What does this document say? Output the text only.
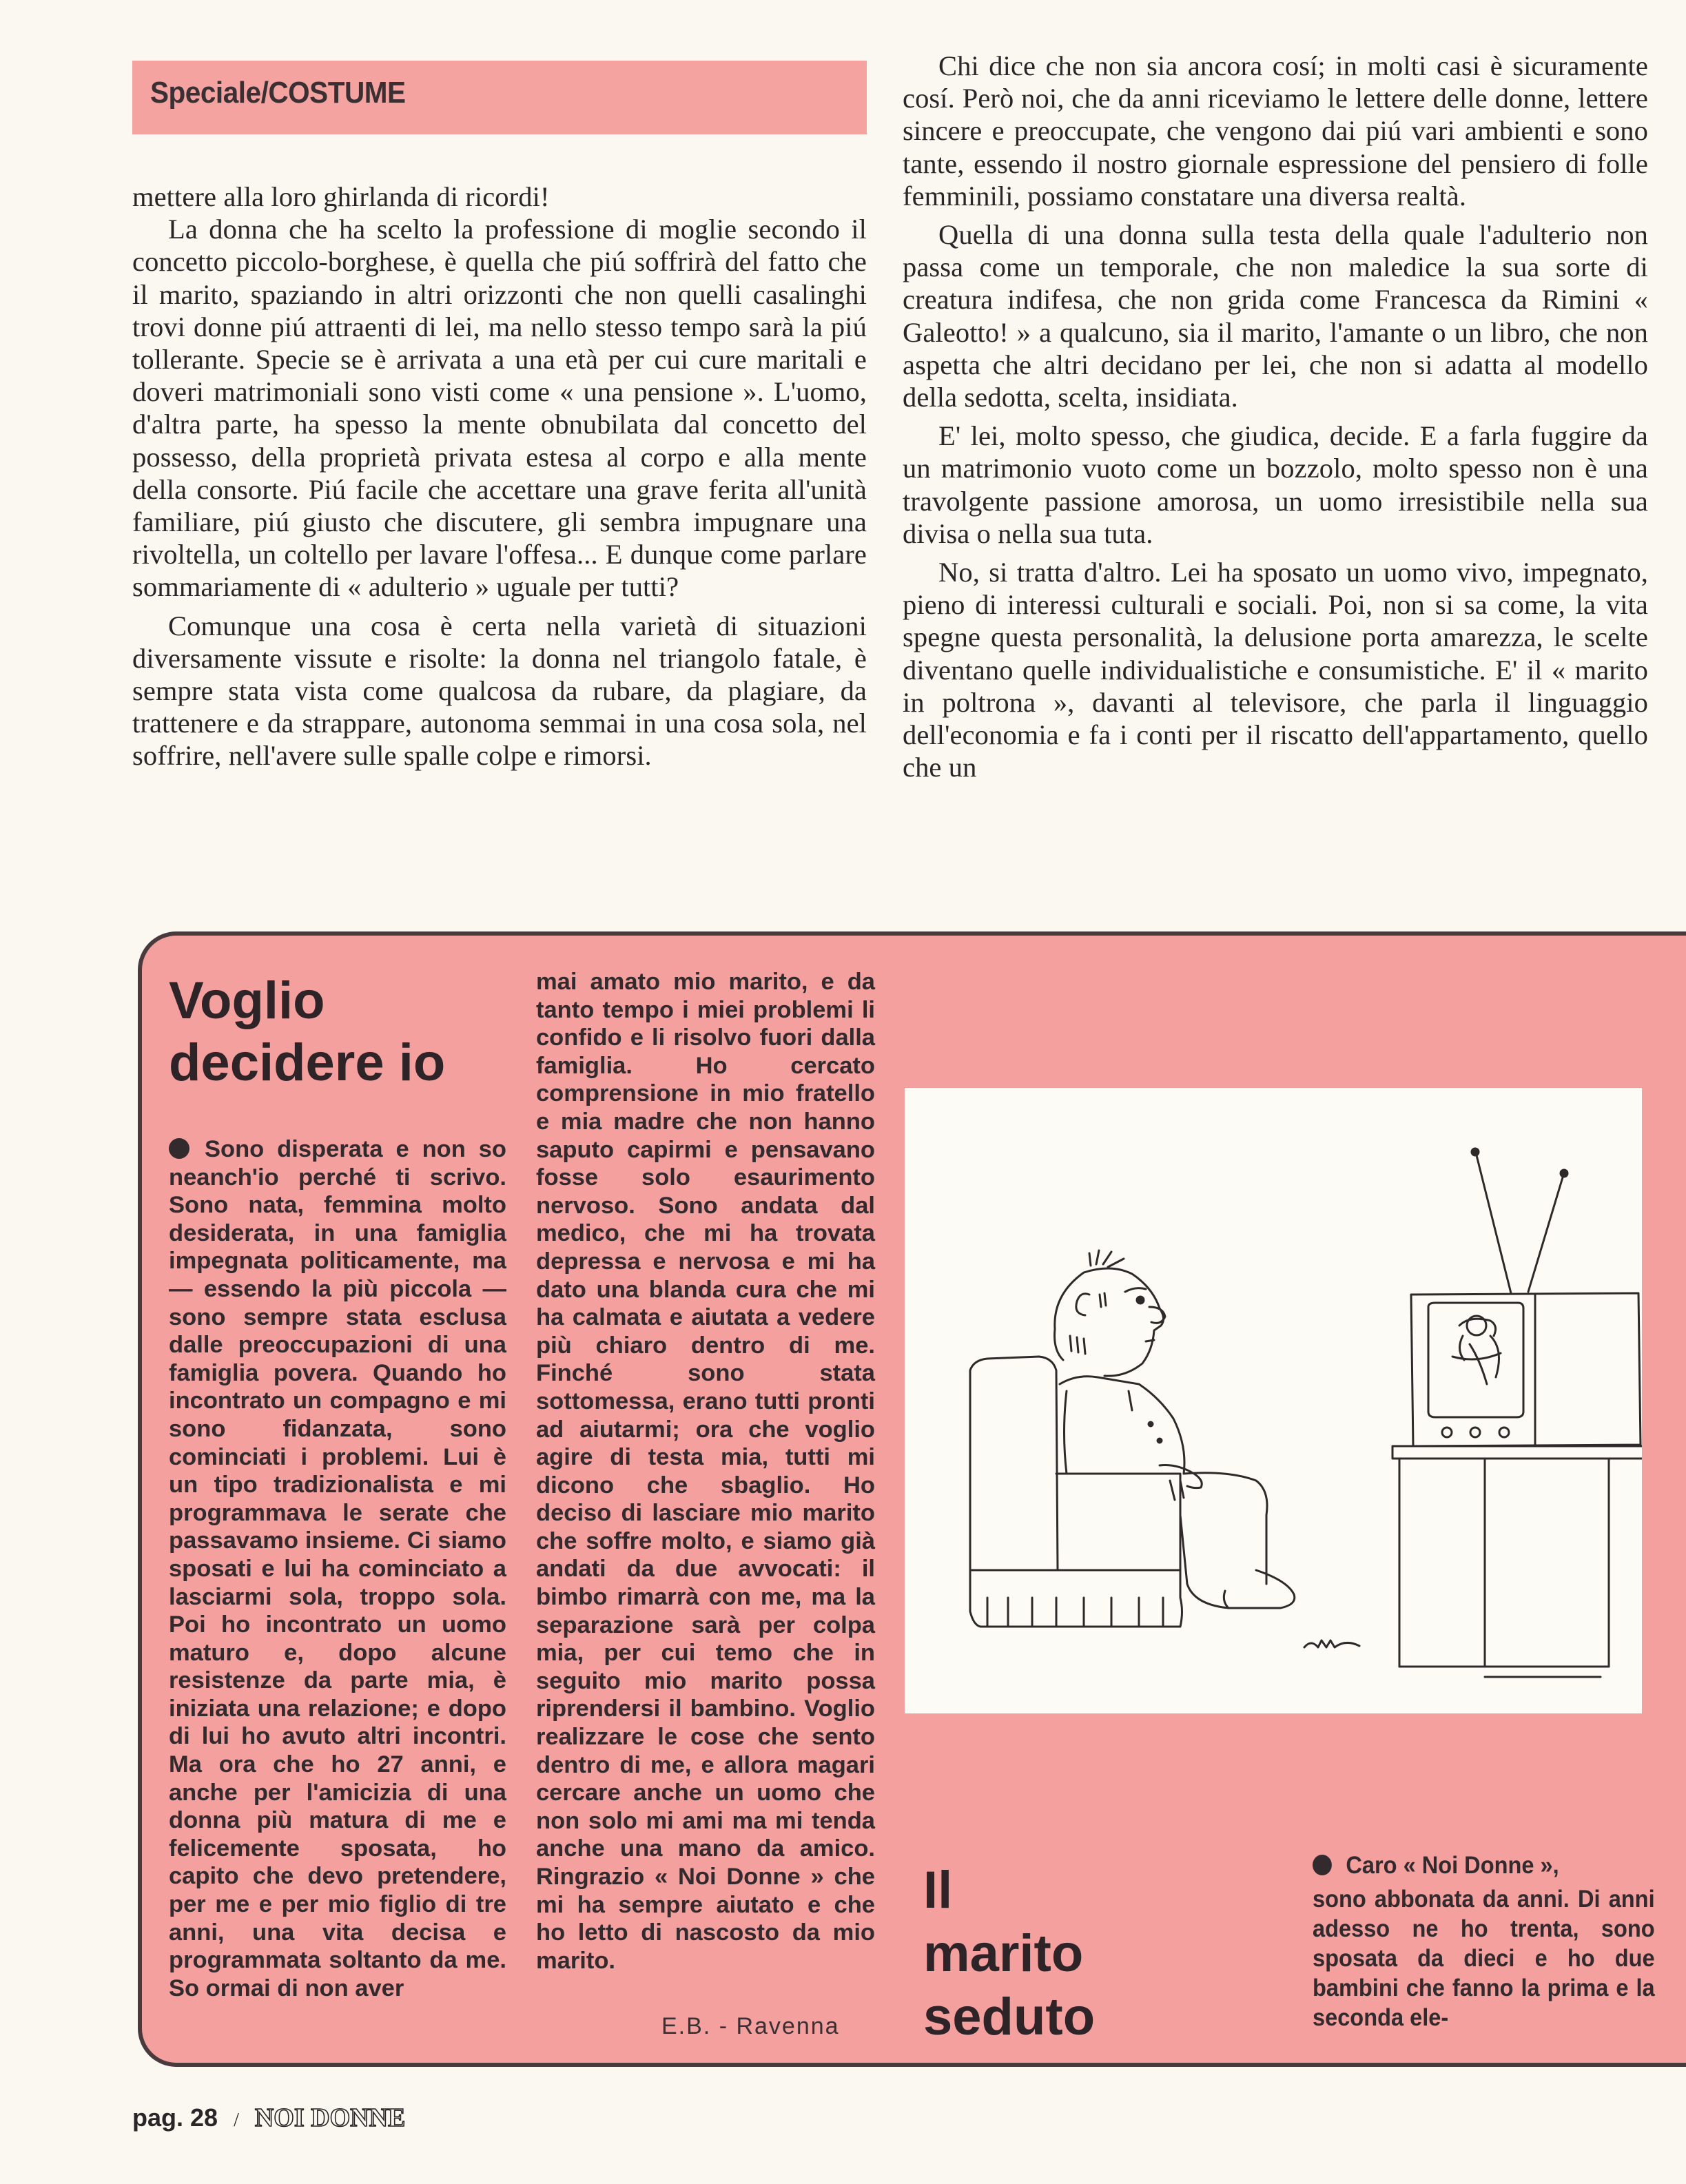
Speciale/COSTUME

mettere alla loro ghirlanda di ricordi!

La donna che ha scelto la professione di moglie secondo il concetto piccolo-borghese, è quella che piú soffrirà del fatto che il marito, spaziando in altri orizzonti che non quelli casalinghi trovi donne piú attraenti di lei, ma nello stesso tempo sarà la piú tollerante. Specie se è arrivata a una età per cui cure maritali e doveri matrimoniali sono visti come « una pensione ». L'uomo, d'altra parte, ha spesso la mente obnubilata dal concetto del possesso, della proprietà privata estesa al corpo e alla mente della consorte. Piú facile che accettare una grave ferita all'unità familiare, piú giusto che discutere, gli sembra impugnare una rivoltella, un coltello per lavare l'offesa... E dunque come parlare sommariamente di « adulterio » uguale per tutti?

Comunque una cosa è certa nella varietà di situazioni diversamente vissute e risolte: la donna nel triangolo fatale, è sempre stata vista come qualcosa da rubare, da plagiare, da trattenere e da strappare, autonoma semmai in una cosa sola, nel soffrire, nell'avere sulle spalle colpe e rimorsi.

Chi dice che non sia ancora cosí; in molti casi è sicuramente cosí. Però noi, che da anni riceviamo le lettere delle donne, lettere sincere e preoccupate, che vengono dai piú vari ambienti e sono tante, essendo il nostro giornale espressione del pensiero di folle femminili, possiamo constatare una diversa realtà.

Quella di una donna sulla testa della quale l'adulterio non passa come un temporale, che non maledice la sua sorte di creatura indifesa, che non grida come Francesca da Rimini « Galeotto! » a qualcuno, sia il marito, l'amante o un libro, che non aspetta che altri decidano per lei, che non si adatta al modello della sedotta, scelta, insidiata.

E' lei, molto spesso, che giudica, decide. E a farla fuggire da un matrimonio vuoto come un bozzolo, molto spesso non è una travolgente passione amorosa, un uomo irresistibile nella sua divisa o nella sua tuta.

No, si tratta d'altro. Lei ha sposato un uomo vivo, impegnato, pieno di interessi culturali e sociali. Poi, non si sa come, la vita spegne questa personalità, la delusione porta amarezza, le scelte diventano quelle individualistiche e consumistiche. E' il « marito in poltrona », davanti al televisore, che parla il linguaggio dell'economia e fa i conti per il riscatto dell'appartamento, quello che un

Voglio
decidere io

Sono disperata e non so neanch'io perché ti scrivo. Sono nata, femmina molto desiderata, in una famiglia impegnata politicamente, ma — essendo la più piccola — sono sempre stata esclusa dalle preoccupazioni di una famiglia povera. Quando ho incontrato un compagno e mi sono fidanzata, sono cominciati i problemi. Lui è un tipo tradizionalista e mi programmava le serate che passavamo insieme. Ci siamo sposati e lui ha cominciato a lasciarmi sola, troppo sola. Poi ho incontrato un uomo maturo e, dopo alcune resistenze da parte mia, è iniziata una relazione; e dopo di lui ho avuto altri incontri. Ma ora che ho 27 anni, e anche per l'amicizia di una donna più matura di me e felicemente sposata, ho capito che devo pretendere, per me e per mio figlio di tre anni, una vita decisa e programmata soltanto da me. So ormai di non aver

mai amato mio marito, e da tanto tempo i miei problemi li confido e li risolvo fuori dalla famiglia. Ho cercato comprensione in mio fratello e mia madre che non hanno saputo capirmi e pensavano fosse solo esaurimento nervoso. Sono andata dal medico, che mi ha trovata depressa e nervosa e mi ha dato una blanda cura che mi ha calmata e aiutata a vedere più chiaro dentro di me. Finché sono stata sottomessa, erano tutti pronti ad aiutarmi; ora che voglio agire di testa mia, tutti mi dicono che sbaglio. Ho deciso di lasciare mio marito che soffre molto, e siamo già andati da due avvocati: il bimbo rimarrà con me, ma la separazione sarà per colpa mia, per cui temo che in seguito mio marito possa riprendersi il bambino. Voglio realizzare le cose che sento dentro di me, e allora magari cercare anche un uomo che non solo mi ami ma mi tenda anche una mano da amico. Ringrazio « Noi Donne » che mi ha sempre aiutato e che ho letto di nascosto da mio marito.

E.B. - Ravenna
Il
marito
seduto

Caro « Noi Donne »,

sono abbonata da anni. Di anni adesso ne ho trenta, sono sposata da dieci e ho due bambini che fanno la prima e la seconda ele-

pag. 28 / NOI DONNE
